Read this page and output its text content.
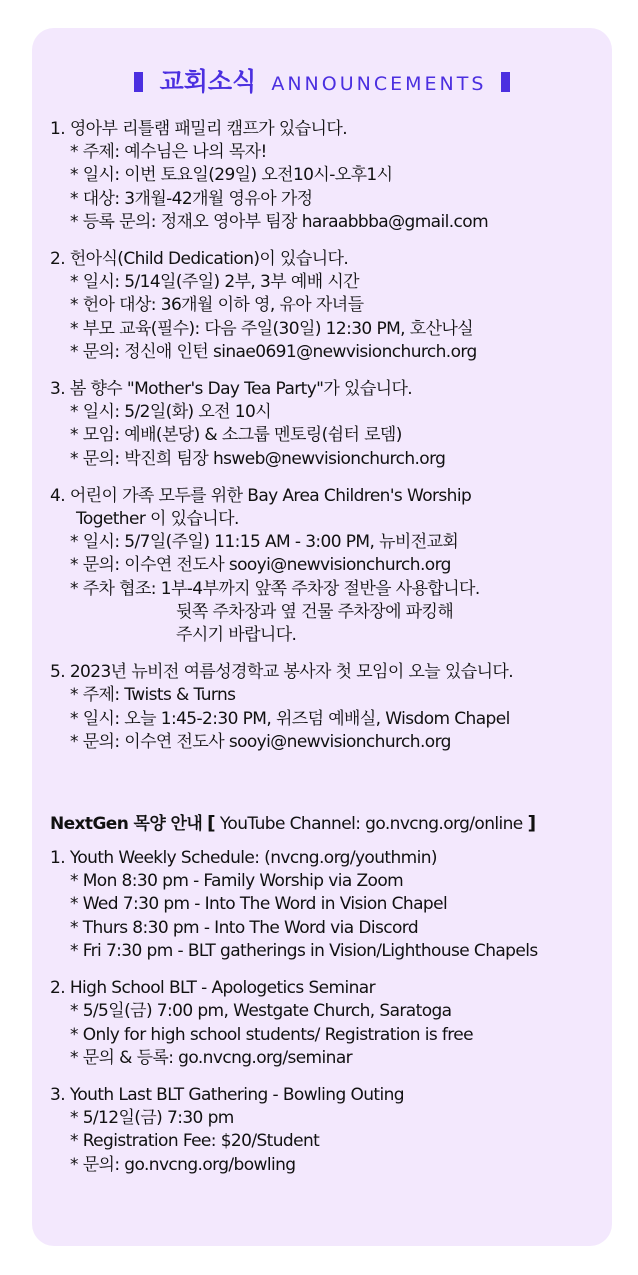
교회소식 ANNOUNCEMENTS
1. 영아부 리틀램 패밀리 캠프가 있습니다.
* 주제: 예수님은 나의 목자!
* 일시: 이번 토요일(29일) 오전10시-오후1시
* 대상: 3개월-42개월 영유아 가정
* 등록 문의: 정재오 영아부 팀장 haraabbba@gmail.com
2. 헌아식(Child Dedication)이 있습니다.
* 일시: 5/14일(주일) 2부, 3부 예배 시간
* 헌아 대상: 36개월 이하 영, 유아 자녀들
* 부모 교육(필수): 다음 주일(30일) 12:30 PM, 호산나실
* 문의: 정신애 인턴 sinae0691@newvisionchurch.org
3. 봄 향수 "Mother's Day Tea Party"가 있습니다.
* 일시: 5/2일(화) 오전 10시
* 모임: 예배(본당) & 소그룹 멘토링(쉼터 로뎀)
* 문의: 박진희 팀장 hsweb@newvisionchurch.org
4. 어린이 가족 모두를 위한 Bay Area Children's Worship
Together 이 있습니다.
* 일시: 5/7일(주일) 11:15 AM - 3:00 PM, 뉴비전교회
* 문의: 이수연 전도사 sooyi@newvisionchurch.org
* 주차 협조: 1부-4부까지 앞쪽 주차장 절반을 사용합니다.
뒷쪽 주차장과 옆 건물 주차장에 파킹해
주시기 바랍니다.
5. 2023년 뉴비전 여름성경학교 봉사자 첫 모임이 오늘 있습니다.
* 주제: Twists & Turns
* 일시: 오늘 1:45-2:30 PM, 위즈덤 예배실, Wisdom Chapel
* 문의: 이수연 전도사 sooyi@newvisionchurch.org
NextGen 목양 안내 [ YouTube Channel: go.nvcng.org/online ]
1. Youth Weekly Schedule: (nvcng.org/youthmin)
* Mon 8:30 pm - Family Worship via Zoom
* Wed 7:30 pm - Into The Word in Vision Chapel
* Thurs 8:30 pm - Into The Word via Discord
* Fri 7:30 pm - BLT gatherings in Vision/Lighthouse Chapels
2. High School BLT - Apologetics Seminar
* 5/5일(금) 7:00 pm, Westgate Church, Saratoga
* Only for high school students/ Registration is free
* 문의 & 등록: go.nvcng.org/seminar
3. Youth Last BLT Gathering - Bowling Outing
* 5/12일(금) 7:30 pm
* Registration Fee: $20/Student
* 문의: go.nvcng.org/bowling
